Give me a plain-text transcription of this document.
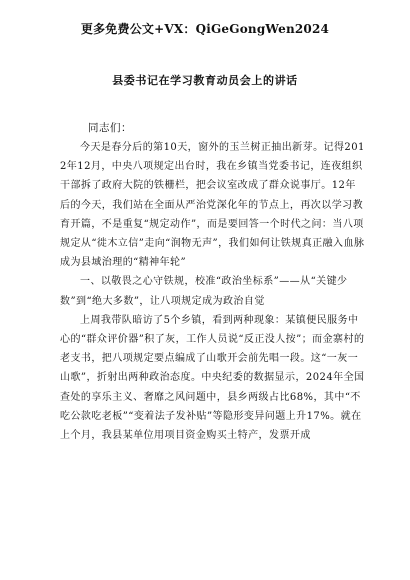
更多免费公文+VX：QiGeGongWen2024
县委书记在学习教育动员会上的讲话
同志们：

今天是春分后的第10天，窗外的玉兰树正抽出新芽。记得2012年12月，中央八项规定出台时，我在乡镇当党委书记，连夜组织干部拆了政府大院的铁栅栏，把会议室改成了群众说事厅。12年后的今天，我们站在全面从严治党深化年的节点上，再次以学习教育开篇，不是重复“规定动作”，而是要回答一个时代之问：当八项规定从“徙木立信”走向“润物无声”，我们如何让铁规真正融入血脉成为县域治理的“精神年轮”

一、以敬畏之心守铁规，校准“政治坐标系”——从“关键少数”到“绝大多数”，让八项规定成为政治自觉

上周我带队暗访了5个乡镇，看到两种现象：某镇便民服务中心的“群众评价器”积了灰，工作人员说“反正没人按”；而金寨村的老支书，把八项规定要点编成了山歌开会前先唱一段。这“一灰一山歌”，折射出两种政治态度。中央纪委的数据显示，2024年全国查处的享乐主义、奢靡之风问题中，县乡两级占比68%，其中“不吃公款吃老板”“变着法子发补贴”等隐形变异问题上升17%。就在上个月，我县某单位用项目资金购买土特产，发票开成
